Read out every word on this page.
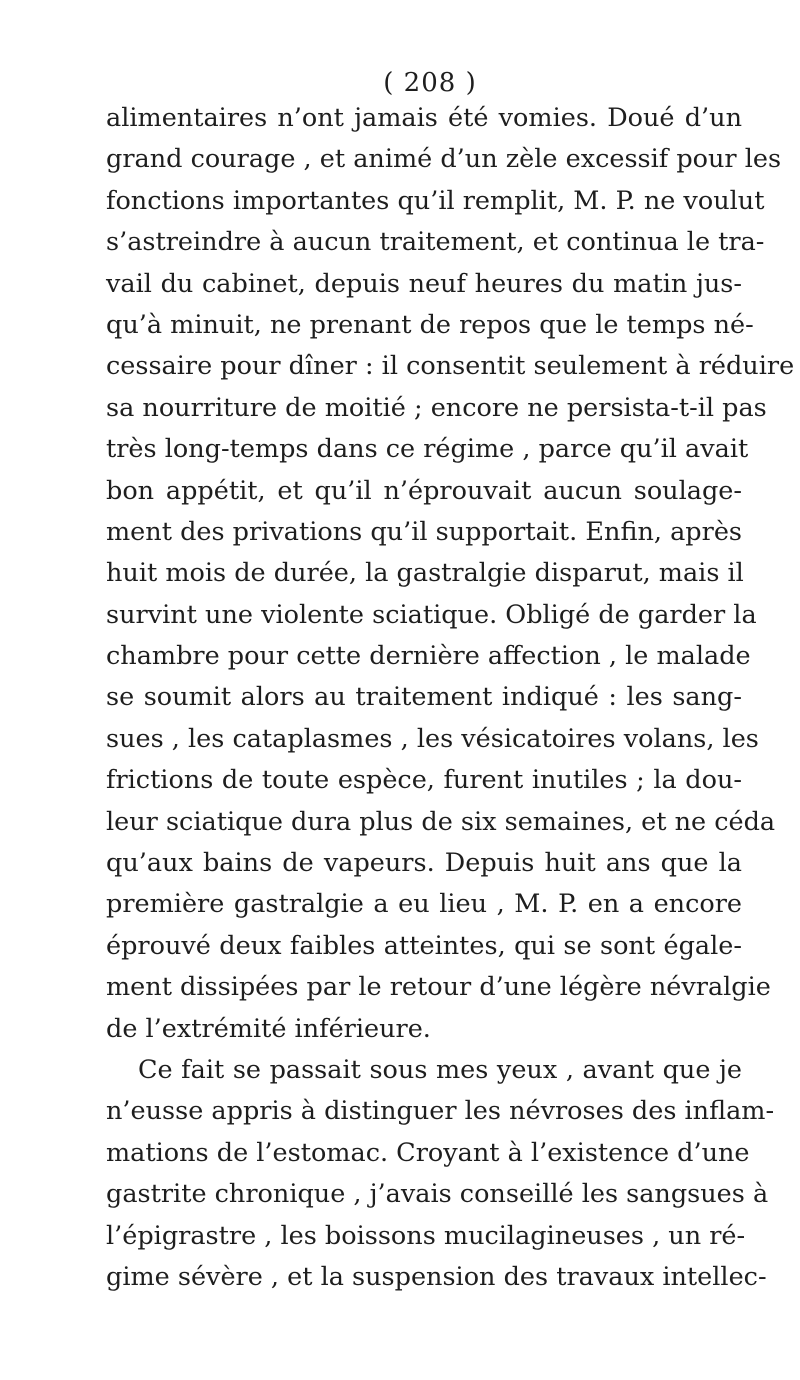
( 208 )
alimentaires n’ont jamais été vomies. Doué d’un
grand courage , et animé d’un zèle excessif pour les
fonctions importantes qu’il remplit, M. P. ne voulut
s’astreindre à aucun traitement, et continua le tra-
vail du cabinet, depuis neuf heures du matin jus-
qu’à minuit, ne prenant de repos que le temps né-
cessaire pour dîner : il consentit seulement à réduire
sa nourriture de moitié ; encore ne persista-t-il pas
très long-temps dans ce régime , parce qu’il avait
bon appétit, et qu’il n’éprouvait aucun soulage-
ment des privations qu’il supportait. Enfin, après
huit mois de durée, la gastralgie disparut, mais il
survint une violente sciatique. Obligé de garder la
chambre pour cette dernière affection , le malade
se soumit alors au traitement indiqué : les sang-
sues , les cataplasmes , les vésicatoires volans, les
frictions de toute espèce, furent inutiles ; la dou-
leur sciatique dura plus de six semaines, et ne céda
qu’aux bains de vapeurs. Depuis huit ans que la
première gastralgie a eu lieu , M. P. en a encore
éprouvé deux faibles atteintes, qui se sont égale-
ment dissipées par le retour d’une légère névralgie
de l’extrémité inférieure.
Ce fait se passait sous mes yeux , avant que je
n’eusse appris à distinguer les névroses des inflam-
mations de l’estomac. Croyant à l’existence d’une
gastrite chronique , j’avais conseillé les sangsues à
l’épigrastre , les boissons mucilagineuses , un ré-
gime sévère , et la suspension des travaux intellec-
